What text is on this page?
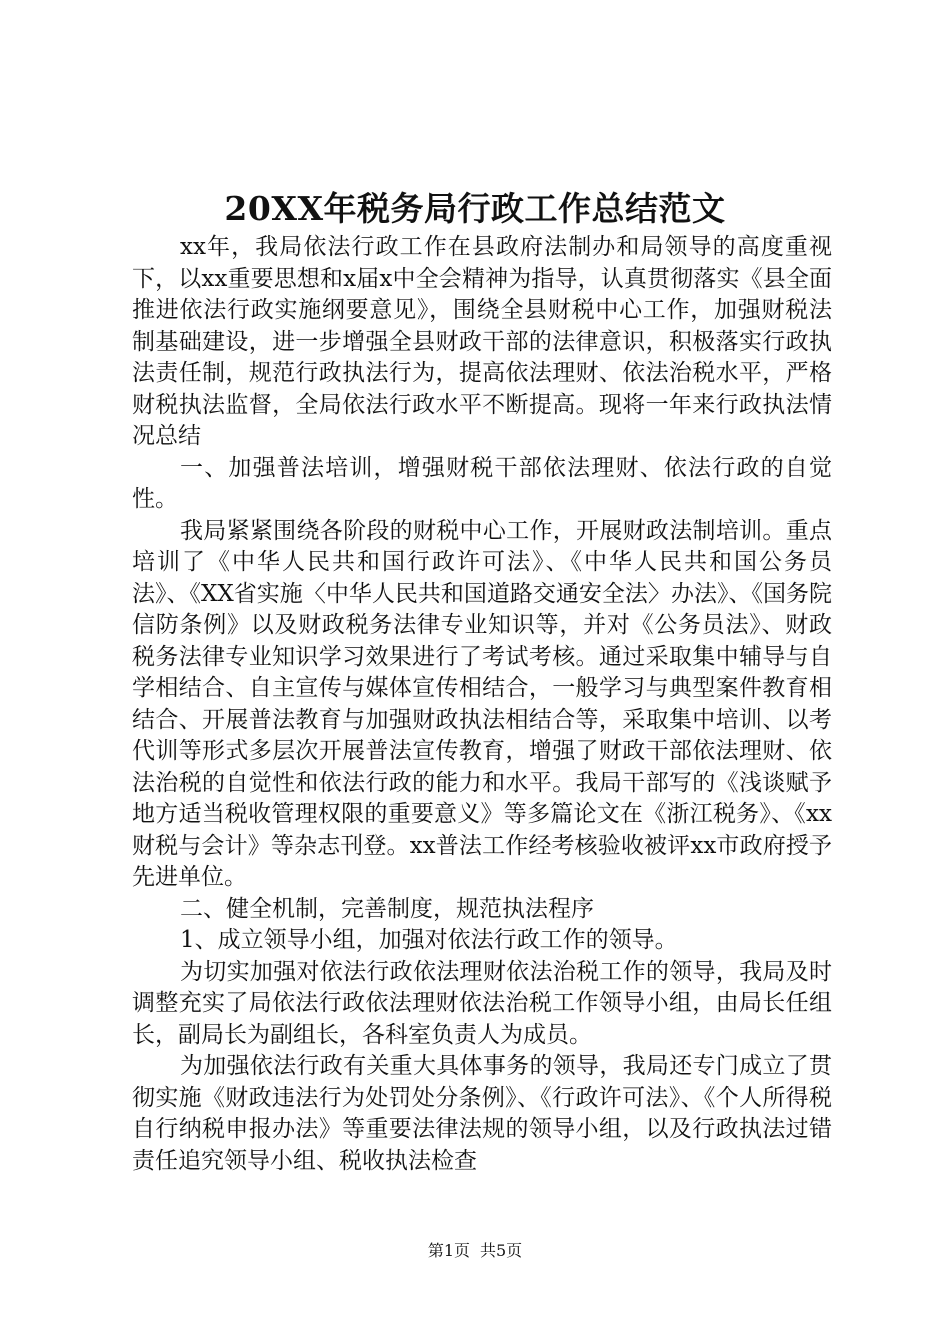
20XX年税务局行政工作总结范文

xx年，我局依法行政工作在县政府法制办和局领导的高度重视下，以xx重要思想和x届x中全会精神为指导，认真贯彻落实《县全面推进依法行政实施纲要意见》，围绕全县财税中心工作，加强财税法制基础建设，进一步增强全县财政干部的法律意识，积极落实行政执法责任制，规范行政执法行为，提高依法理财、依法治税水平，严格财税执法监督，全局依法行政水平不断提高。现将一年来行政执法情况总结

一、加强普法培训，增强财税干部依法理财、依法行政的自觉性。

我局紧紧围绕各阶段的财税中心工作，开展财政法制培训。重点培训了《中华人民共和国行政许可法》、《中华人民共和国公务员法》、《XX省实施〈中华人民共和国道路交通安全法〉办法》、《国务院信防条例》以及财政税务法律专业知识等，并对《公务员法》、财政税务法律专业知识学习效果进行了考试考核。通过采取集中辅导与自学相结合、自主宣传与媒体宣传相结合，一般学习与典型案件教育相结合、开展普法教育与加强财政执法相结合等，采取集中培训、以考代训等形式多层次开展普法宣传教育，增强了财政干部依法理财、依法治税的自觉性和依法行政的能力和水平。我局干部写的《浅谈赋予地方适当税收管理权限的重要意义》等多篇论文在《浙江税务》、《xx财税与会计》等杂志刊登。xx普法工作经考核验收被评xx市政府授予先进单位。

二、健全机制，完善制度，规范执法程序

1、成立领导小组，加强对依法行政工作的领导。

为切实加强对依法行政依法理财依法治税工作的领导，我局及时调整充实了局依法行政依法理财依法治税工作领导小组，由局长任组长，副局长为副组长，各科室负责人为成员。

为加强依法行政有关重大具体事务的领导，我局还专门成立了贯彻实施《财政违法行为处罚处分条例》、《行政许可法》、《个人所得税自行纳税申报办法》等重要法律法规的领导小组，以及行政执法过错责任追究领导小组、税收执法检查

第1页 共5页
